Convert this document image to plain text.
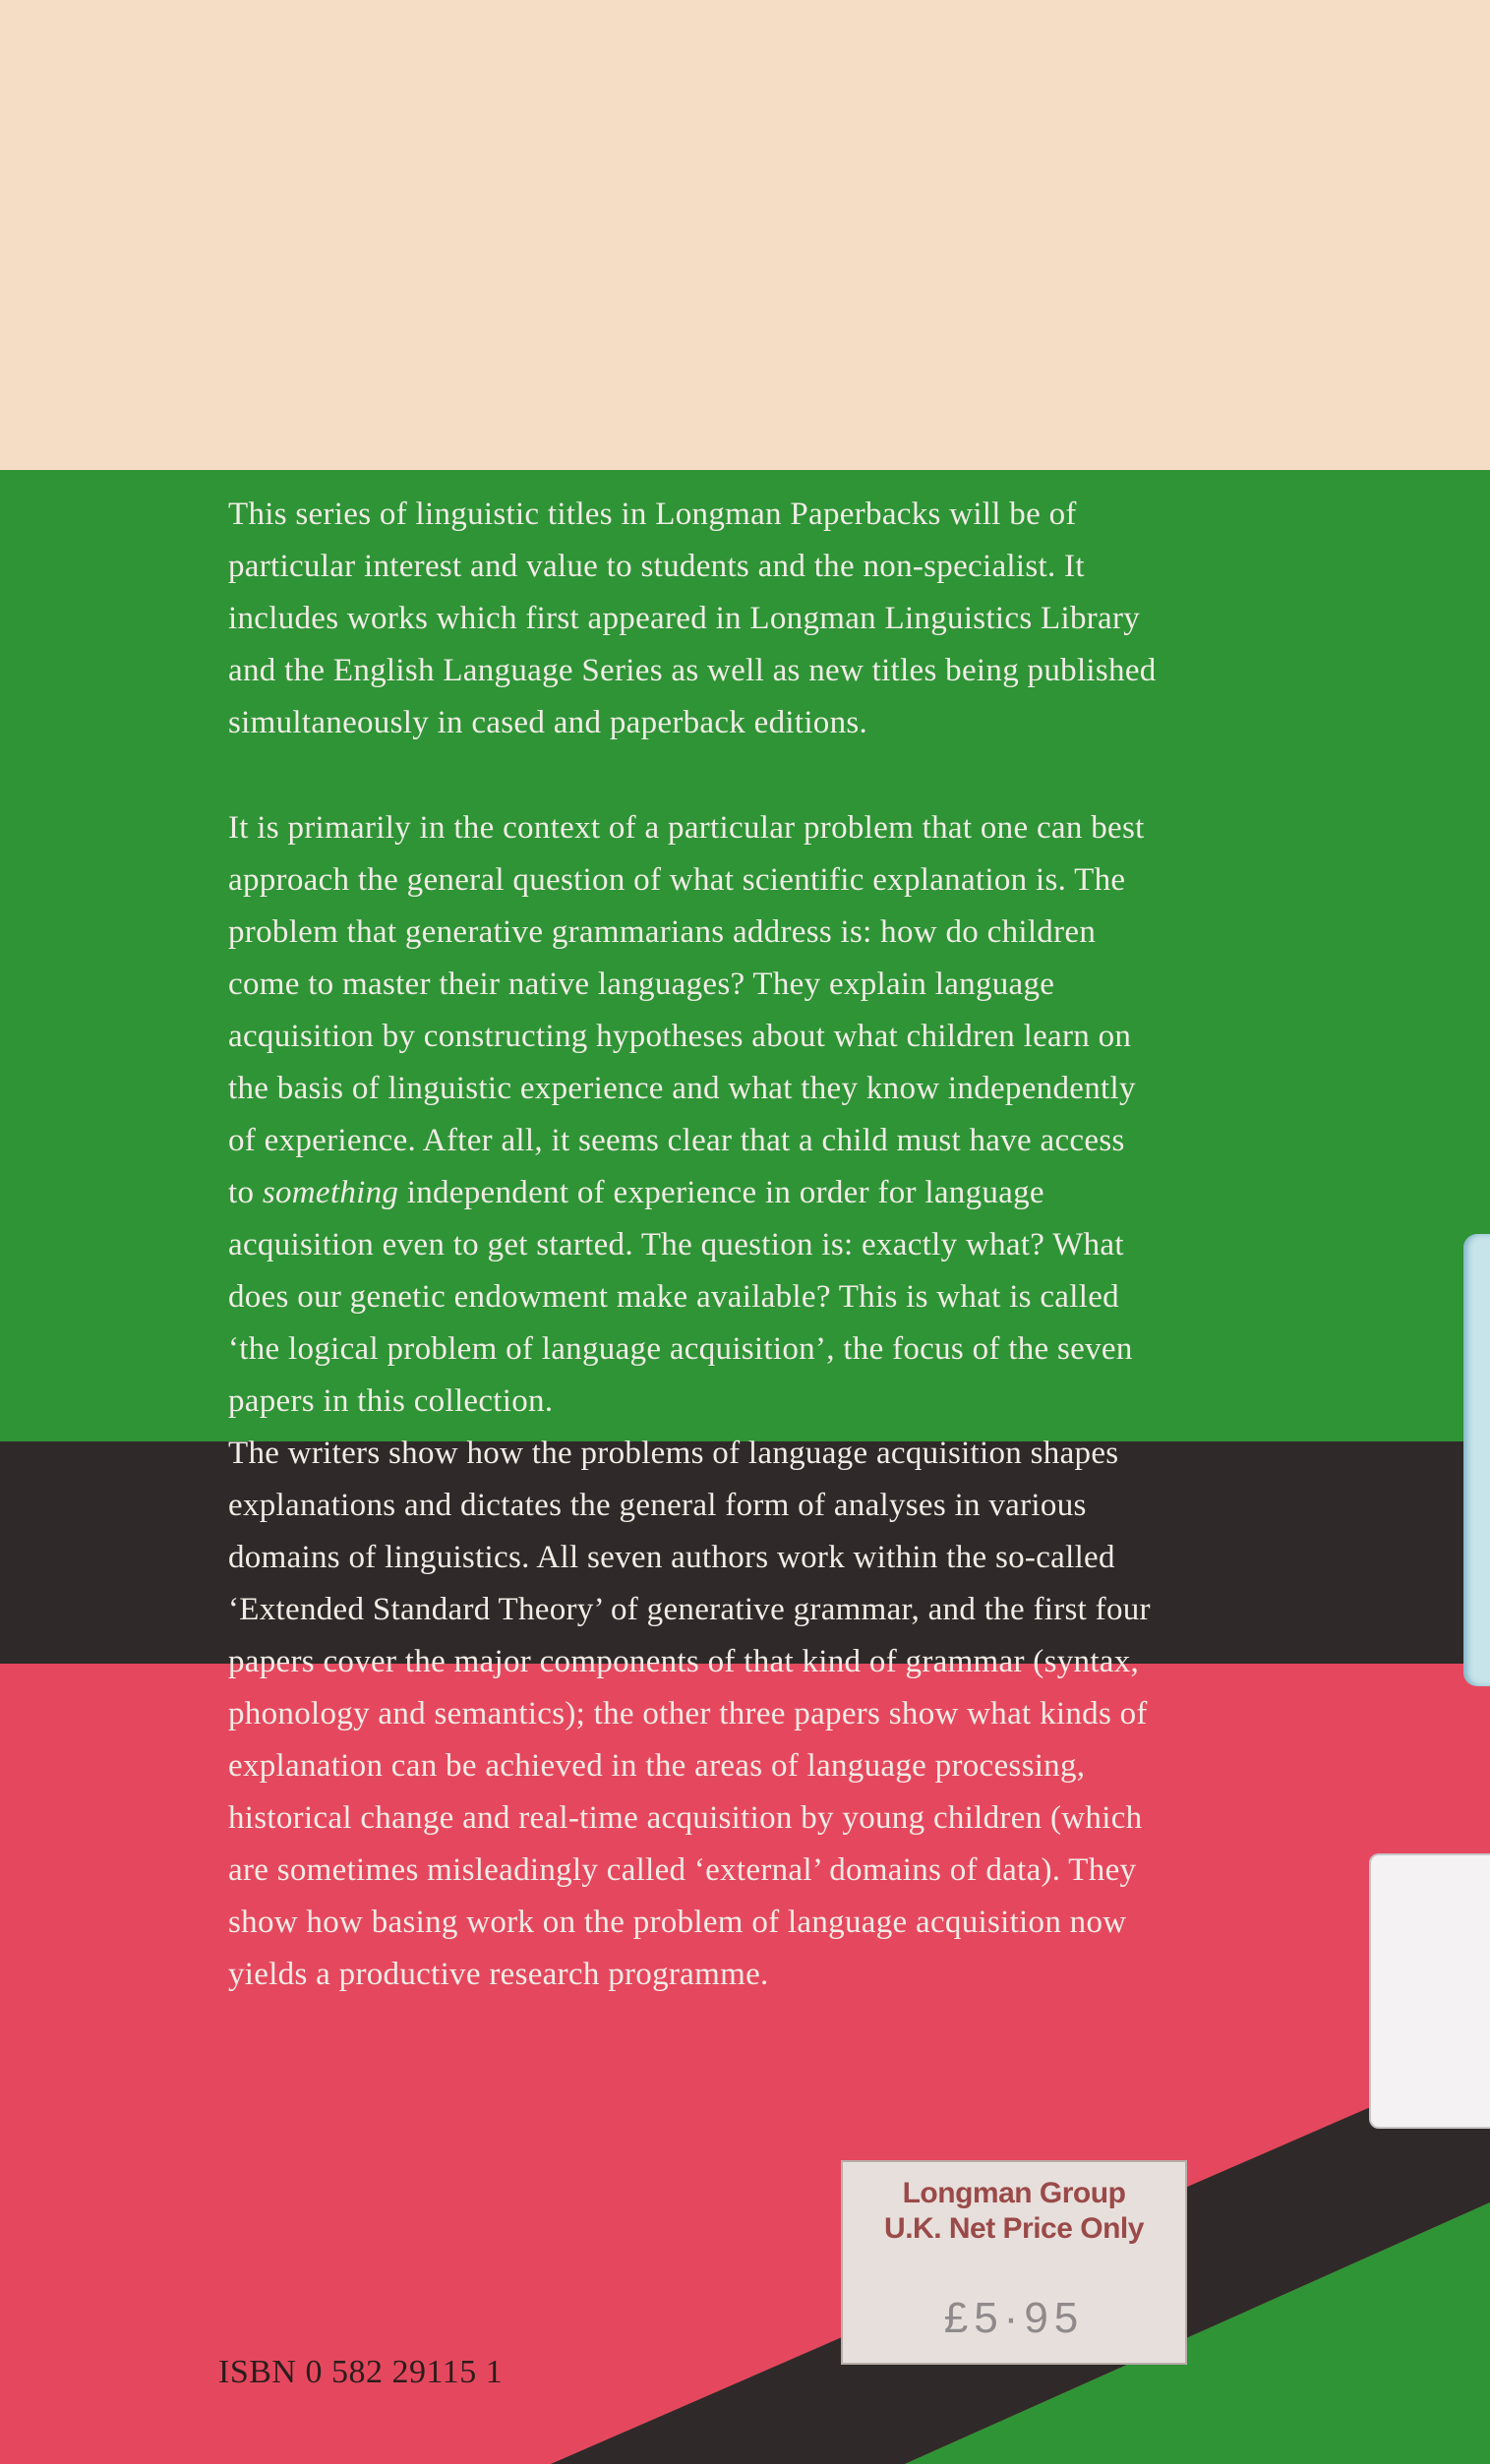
This series of linguistic titles in Longman Paperbacks will be of
particular interest and value to students and the non-specialist. It
includes works which first appeared in Longman Linguistics Library
and the English Language Series as well as new titles being published
simultaneously in cased and paperback editions.

It is primarily in the context of a particular problem that one can best
approach the general question of what scientific explanation is. The
problem that generative grammarians address is: how do children
come to master their native languages? They explain language
acquisition by constructing hypotheses about what children learn on
the basis of linguistic experience and what they know independently
of experience. After all, it seems clear that a child must have access
to something independent of experience in order for language
acquisition even to get started. The question is: exactly what? What
does our genetic endowment make available? This is what is called
‘the logical problem of language acquisition’, the focus of the seven
papers in this collection.

The writers show how the problems of language acquisition shapes
explanations and dictates the general form of analyses in various
domains of linguistics. All seven authors work within the so-called
‘Extended Standard Theory’ of generative grammar, and the first four
papers cover the major components of that kind of grammar (syntax,
phonology and semantics); the other three papers show what kinds of
explanation can be achieved in the areas of language processing,
historical change and real-time acquisition by young children (which
are sometimes misleadingly called ‘external’ domains of data). They
show how basing work on the problem of language acquisition now
yields a productive research programme.

ISBN 0 582 29115 1
Longman Group
U.K. Net Price Only
£5·95
